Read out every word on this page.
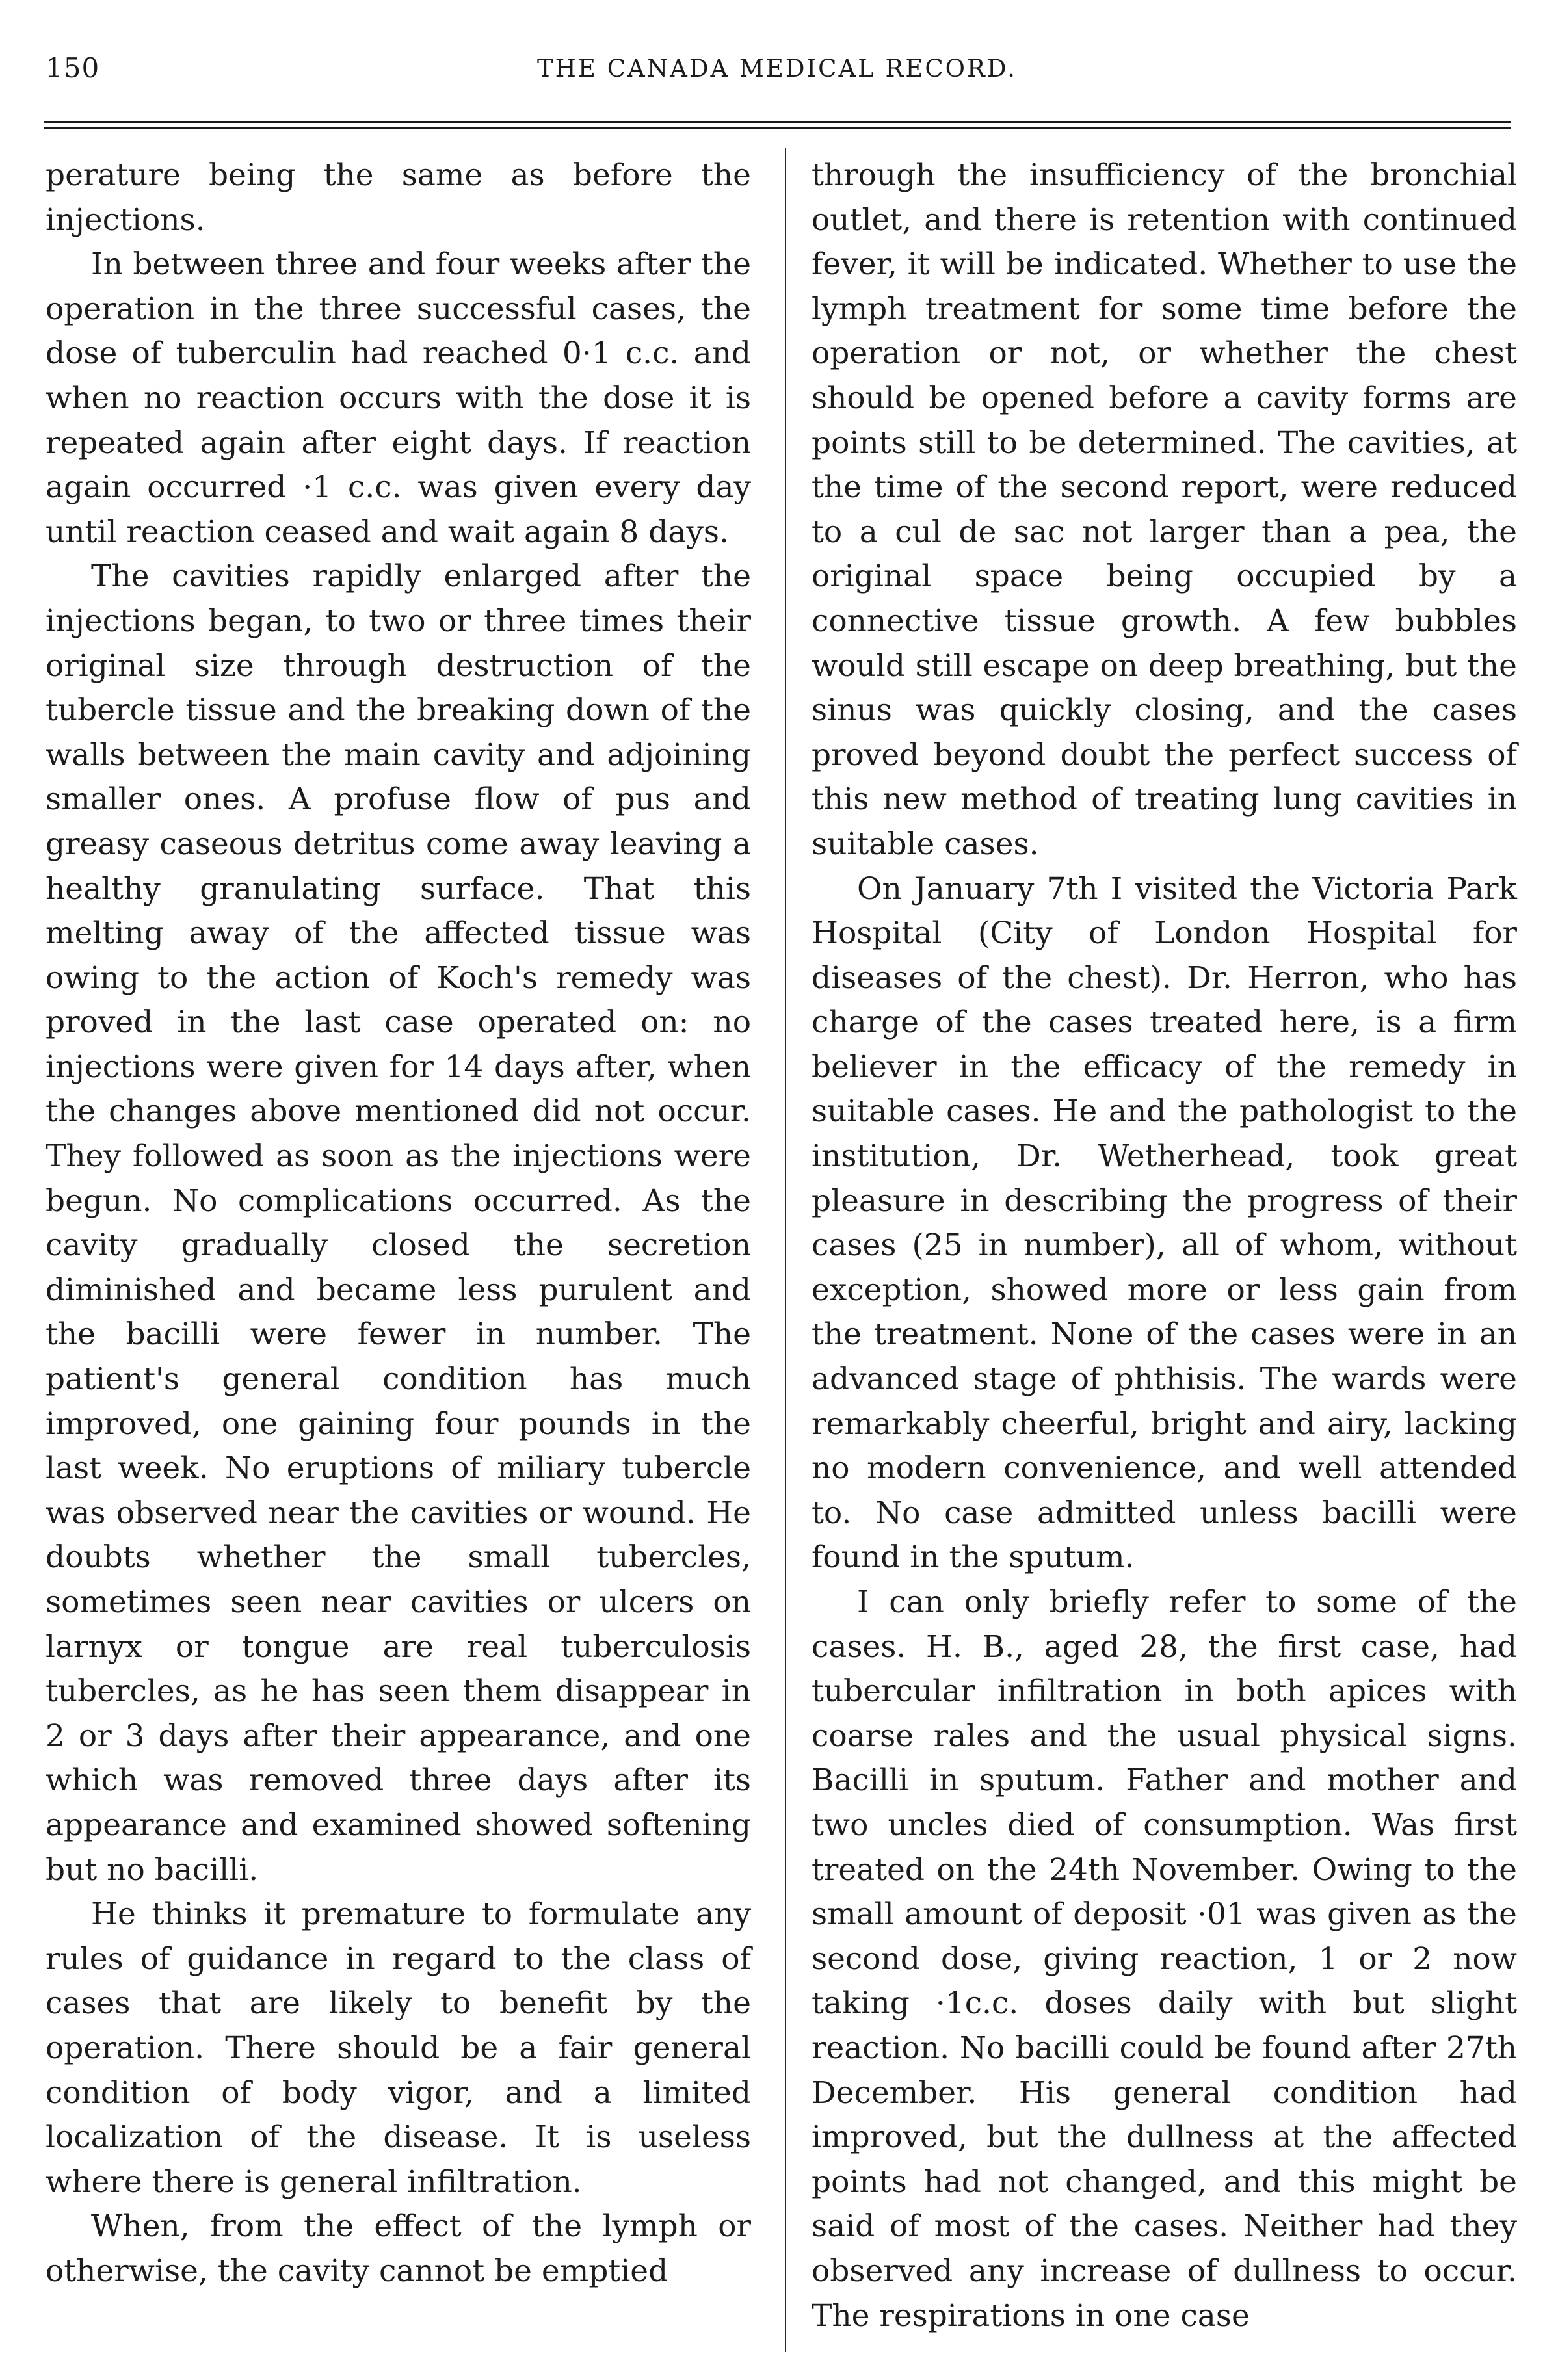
150	THE CANADA MEDICAL RECORD.

perature being the same as before the injections.

In between three and four weeks after the operation in the three successful cases, the dose of tuberculin had reached 0·1 c.c. and when no reaction occurs with the dose it is repeated again after eight days. If reaction again occurred ·1 c.c. was given every day until reaction ceased and wait again 8 days.

The cavities rapidly enlarged after the injections began, to two or three times their original size through destruction of the tubercle tissue and the breaking down of the walls between the main cavity and adjoining smaller ones. A profuse flow of pus and greasy caseous detritus come away leaving a healthy granulating surface. That this melting away of the affected tissue was owing to the action of Koch's remedy was proved in the last case operated on: no injections were given for 14 days after, when the changes above mentioned did not occur. They followed as soon as the injections were begun. No complications occurred. As the cavity gradually closed the secretion diminished and became less purulent and the bacilli were fewer in number. The patient's general condition has much improved, one gaining four pounds in the last week. No eruptions of miliary tubercle was observed near the cavities or wound. He doubts whether the small tubercles, sometimes seen near cavities or ulcers on larnyx or tongue are real tuberculosis tubercles, as he has seen them disappear in 2 or 3 days after their appearance, and one which was removed three days after its appearance and examined showed softening but no bacilli.

He thinks it premature to formulate any rules of guidance in regard to the class of cases that are likely to benefit by the operation. There should be a fair general condition of body vigor, and a limited localization of the disease. It is useless where there is general infiltration.

When, from the effect of the lymph or otherwise, the cavity cannot be emptied

through the insufficiency of the bronchial outlet, and there is retention with continued fever, it will be indicated. Whether to use the lymph treatment for some time before the operation or not, or whether the chest should be opened before a cavity forms are points still to be determined. The cavities, at the time of the second report, were reduced to a cul de sac not larger than a pea, the original space being occupied by a connective tissue growth. A few bubbles would still escape on deep breathing, but the sinus was quickly closing, and the cases proved beyond doubt the perfect success of this new method of treating lung cavities in suitable cases.

On January 7th I visited the Victoria Park Hospital (City of London Hospital for diseases of the chest). Dr. Herron, who has charge of the cases treated here, is a firm believer in the efficacy of the remedy in suitable cases. He and the pathologist to the institution, Dr. Wetherhead, took great pleasure in describing the progress of their cases (25 in number), all of whom, without exception, showed more or less gain from the treatment. None of the cases were in an advanced stage of phthisis. The wards were remarkably cheerful, bright and airy, lacking no modern convenience, and well attended to. No case admitted unless bacilli were found in the sputum.

I can only briefly refer to some of the cases. H. B., aged 28, the first case, had tubercular infiltration in both apices with coarse rales and the usual physical signs. Bacilli in sputum. Father and mother and two uncles died of consumption. Was first treated on the 24th November. Owing to the small amount of deposit ·01 was given as the second dose, giving reaction, 1 or 2 now taking ·1c.c. doses daily with but slight reaction. No bacilli could be found after 27th December. His general condition had improved, but the dullness at the affected points had not changed, and this might be said of most of the cases. Neither had they observed any increase of dullness to occur. The respirations in one case
